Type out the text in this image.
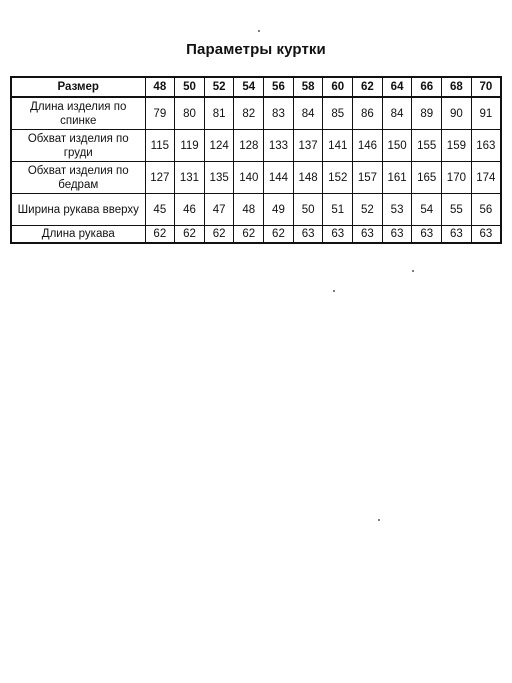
Параметры куртки
Размер	48	50	52	54	56	58	60	62	64	66	68	70
Длина изделия по спинке	79	80	81	82	83	84	85	86	84	89	90	91
Обхват изделия по груди	115	119	124	128	133	137	141	146	150	155	159	163
Обхват изделия по бедрам	127	131	135	140	144	148	152	157	161	165	170	174
Ширина рукава вверху	45	46	47	48	49	50	51	52	53	54	55	56
Длина рукава	62	62	62	62	62	63	63	63	63	63	63	63
